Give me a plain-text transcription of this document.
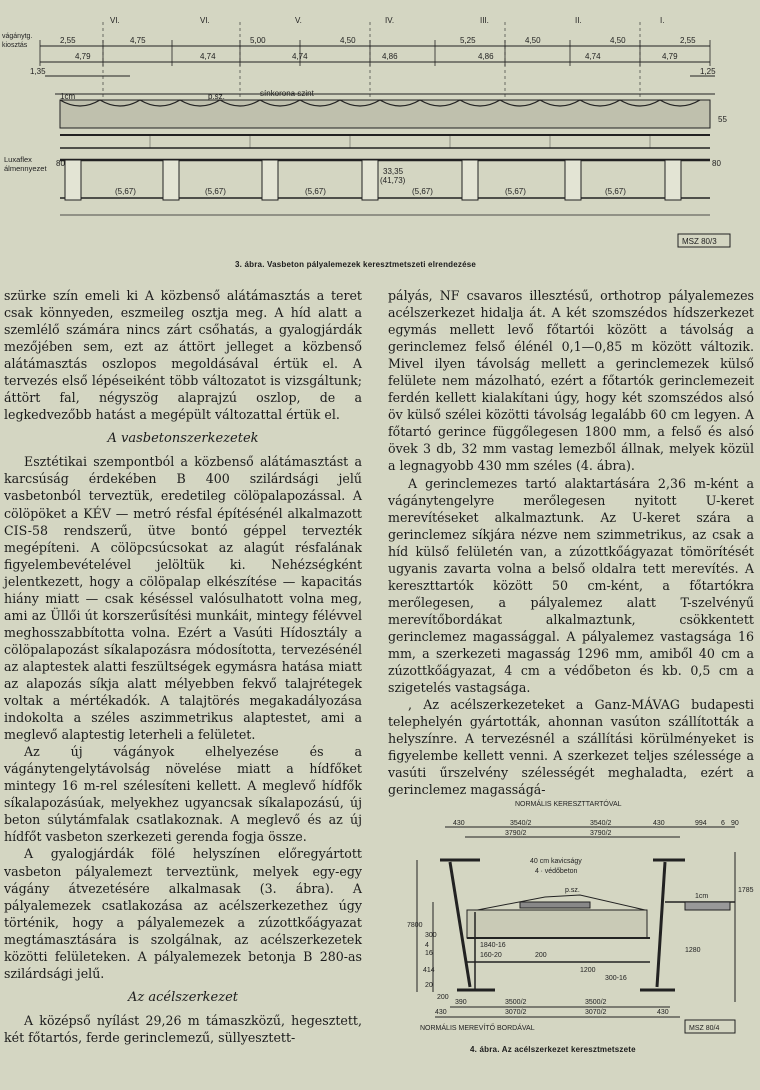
VI.	VI.	V.	IV.	III.	II.	I.
vágánytg.
kiosztás
2,55	4,75	5,00	4,50	5,25	4,50	4,50	2,55
4,79	4,74	4,74	4,86	4,86	4,74	4,79
1,35	1,25
1cm	p.sz.	sínkorona szint
Luxaflex
álmennyezet
80	80
55
33,35
(41,73)
(5,67)	(5,67)	(5,67)	(5,67)	(5,67)
(5,67)
MSZ 80/3
3. ábra. Vasbeton pályalemezek keresztmetszeti elrendezése

szürke szín emeli ki A közbenső alátámasztás a teret csak könnyeden, eszmeileg osztja meg. A híd alatt a szemlélő számára nincs zárt csőhatás, a gyalogjárdák mezőjében sem, ezt az áttört jelleget a közbenső alátámasztás oszlopos megoldásával értük el. A tervezés első lépéseiként több változatot is vizsgáltunk; áttört fal, négyszög alaprajzú oszlop, de a legkedvezőbb hatást a megépült változattal értük el.

A vasbetonszerkezetek

Esztétikai szempontból a közbenső alátámasztást a karcsúság érdekében B 400 szilárdsági jelű vasbetonból terveztük, eredetileg cölöpalapozással. A cölöpöket a KÉV — metró résfal építésénél alkalmazott CIS-58 rendszerű, ütve bontó géppel tervezték megépíteni. A cölöpcsúcsokat az alagút résfalának figyelembevételével jelöltük ki. Nehézségként jelentkezett, hogy a cölöpalap elkészítése — kapacitás hiány miatt — csak késéssel valósulhatott volna meg, ami az Üllői út korszerűsítési munkáit, mintegy félévvel meghosszabbította volna. Ezért a Vasúti Hídosztály a cölöpalapozást síkalapozásra módosította, tervezésénél az alaptestek alatti feszültségek egymásra hatása miatt az alapozás síkja alatt mélyebben fekvő talajrétegek voltak a mértékadók. A talajtörés megakadályozása indokolta a széles aszimmetrikus alaptestet, ami a meglevő alaptestig leterheli a felületet.

Az új vágányok elhelyezése és a vágánytengelytávolság növelése miatt a hídfőket mintegy 16 m-rel szélesíteni kellett. A meglevő hídfők síkalapozásúak, melyekhez ugyancsak síkalapozású, új beton súlytámfalak csatlakoznak. A meglevő és az új hídfőt vasbeton szerkezeti gerenda fogja össze.

A gyalogjárdák fölé helyszínen előregyártott vasbeton pályalemezt terveztünk, melyek egy-egy vágány átvezetésére alkalmasak (3. ábra). A pályalemezek csatlakozása az acélszerkezethez úgy történik, hogy a pályalemezek a zúzottkőágyazat megtámasztására is szolgálnak, az acélszerkezetek közötti felületeken. A pályalemezek betonja B 280-as szilárdsági jelű.

Az acélszerkezet

A középső nyílást 29,26 m támaszközű, hegesztett, két főtartós, ferde gerinclemezű, süllyesztett-

pályás, NF csavaros illesztésű, orthotrop pályalemezes acélszerkezet hidalja át. A két szomszédos hídszerkezet egymás mellett levő főtartói között a távolság a gerinclemez felső élénél 0,1—0,85 m között változik. Mivel ilyen távolság mellett a gerinclemezek külső felülete nem mázolható, ezért a főtartók gerinclemezeit ferdén kellett kialakítani úgy, hogy két szomszédos alsó öv külső szélei közötti távolság legalább 60 cm legyen. A főtartó gerince függőlegesen 1800 mm, a felső és alsó övek 3 db, 32 mm vastag lemezből állnak, melyek közül a legnagyobb 430 mm széles (4. ábra).

A gerinclemezes tartó alaktartására 2,36 m-ként a vágánytengelyre merőlegesen nyitott U-keret merevítéseket alkalmaztunk. Az U-keret szára a gerinclemez síkjára nézve nem szimmetrikus, az csak a híd külső felületén van, a zúzottkőágyazat tömörítését ugyanis zavarta volna a belső oldalra tett merevítés. A kereszttartók között 50 cm-ként, a főtartókra merőlegesen, a pályalemez alatt T-szelvényű merevítőbordákat alkalmaztunk, csökkentett gerinclemez magassággal. A pályalemez vastagsága 16 mm, a szerkezeti magasság 1296 mm, amiből 40 cm a zúzottkőágyazat, 4 cm a védőbeton és kb. 0,5 cm a szigetelés vastagsága.

, Az acélszerkezeteket a Ganz-MÁVAG budapesti telephelyén gyártották, ahonnan vasúton szállították a helyszínre. A tervezésnél a szállítási körülményeket is figyelembe kellett venni. A szerkezet teljes szélessége a vasúti űrszelvény szélességét meghaladta, ezért a gerinclemez magasságá-

NORMÁLIS KERESZTTARTÓVAL
430	3540/2	3540/2	430	994 6 90
3790/2	3790/2
40 cm kavicságy
4 ∙ védőbeton
p.sz.
1cm
7800
300
4
16
414
20
200
1840-16
160-20	200
1200
300-16
1785
1280
390	3500/2	3500/2
430	3070/2	3070/2	430
NORMÁLIS MEREVÍTŐ BORDÁVAL	MSZ 80/4
4. ábra. Az acélszerkezet keresztmetszete
